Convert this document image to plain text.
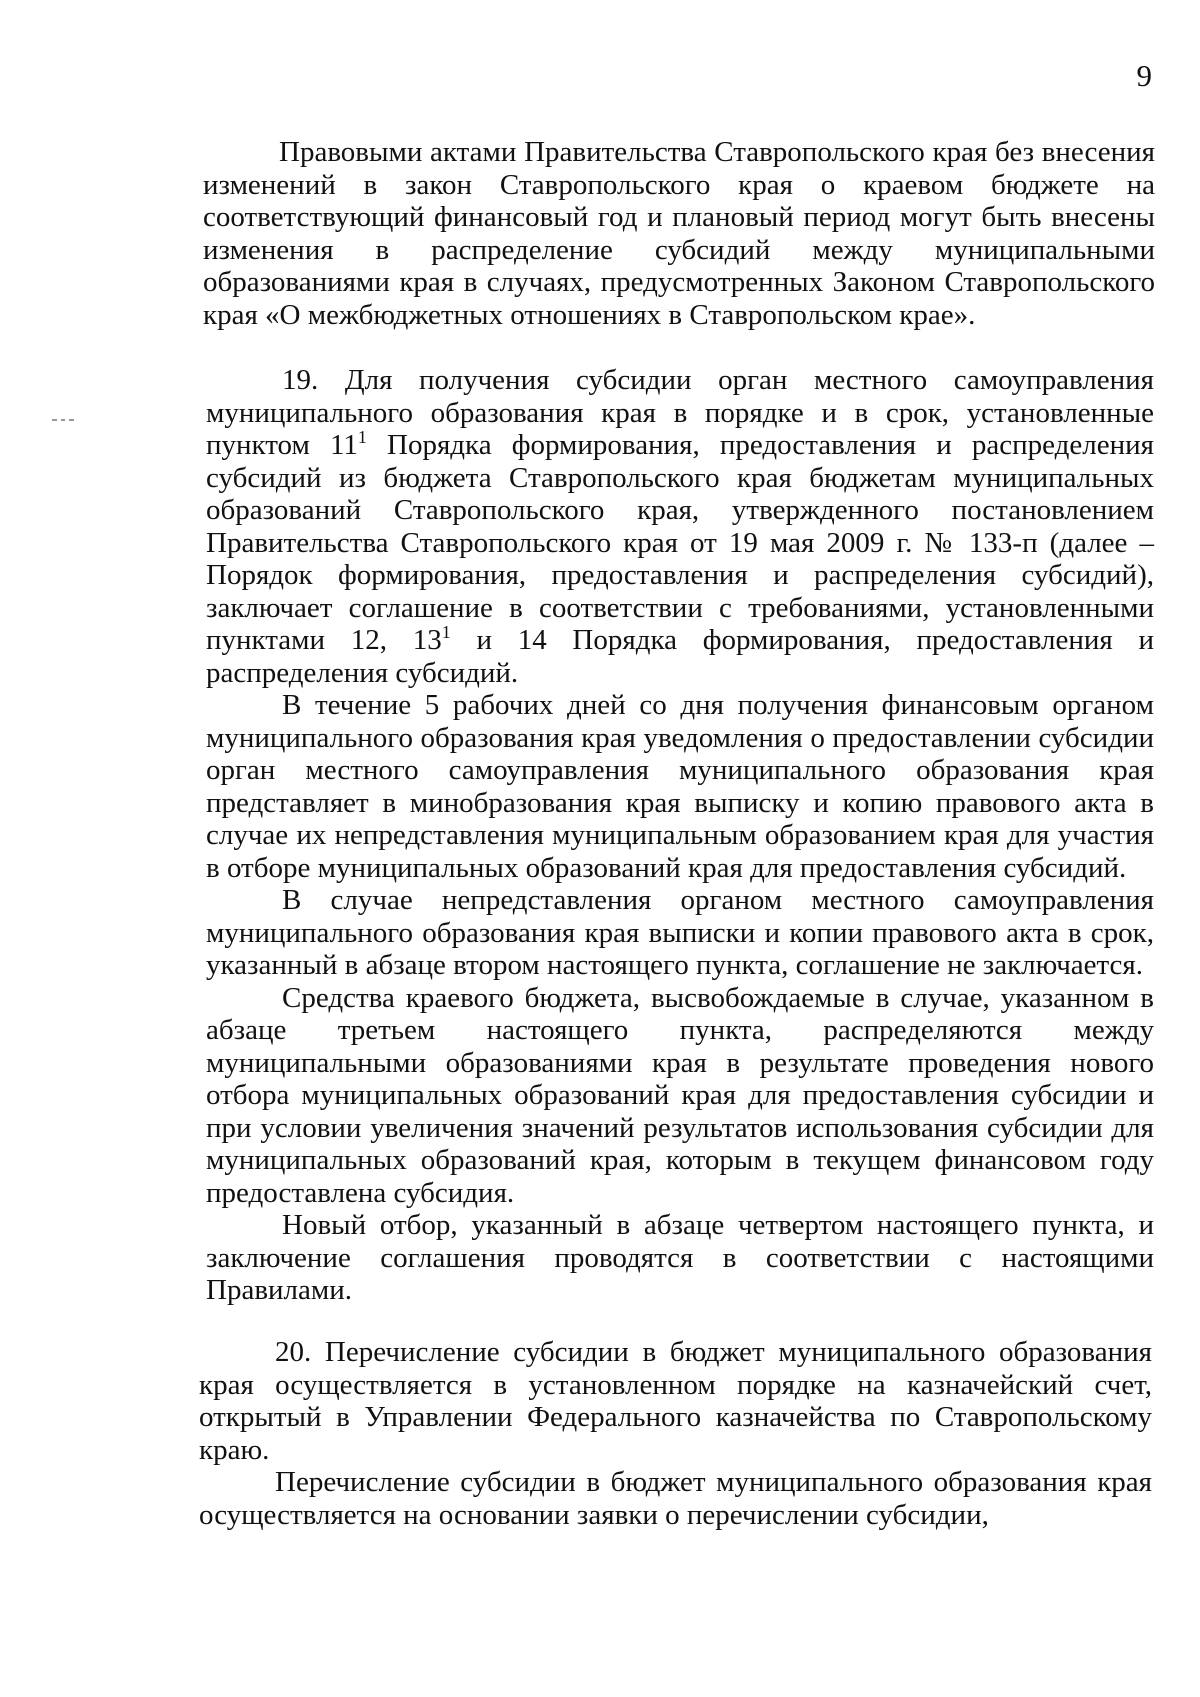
9

Правовыми актами Правительства Ставропольского края без внесения изменений в закон Ставропольского края о краевом бюджете на соответствующий финансовый год и плановый период могут быть внесены изменения в распределение субсидий между муниципальными образованиями края в случаях, предусмотренных Законом Ставропольского края «О межбюджетных отношениях в Ставропольском крае».

19. Для получения субсидии орган местного самоуправления муниципального образования края в порядке и в срок, установленные пунктом $11^1$ Порядка формирования, предоставления и распределения субсидий из бюджета Ставропольского края бюджетам муниципальных образований Ставропольского края, утвержденного постановлением Правительства Ставропольского края от 19 мая 2009 г. № 133-п (далее – Порядок формирования, предоставления и распределения субсидий), заключает соглашение в соответствии с требованиями, установленными пунктами 12, $13^1$ и 14 Порядка формирования, предоставления и распределения субсидий.

В течение 5 рабочих дней со дня получения финансовым органом муниципального образования края уведомления о предоставлении субсидии орган местного самоуправления муниципального образования края представляет в минобразования края выписку и копию правового акта в случае их непредставления муниципальным образованием края для участия в отборе муниципальных образований края для предоставления субсидий.

В случае непредставления органом местного самоуправления муниципального образования края выписки и копии правового акта в срок, указанный в абзаце втором настоящего пункта, соглашение не заключается.

Средства краевого бюджета, высвобождаемые в случае, указанном в абзаце третьем настоящего пункта, распределяются между муниципальными образованиями края в результате проведения нового отбора муниципальных образований края для предоставления субсидии и при условии увеличения значений результатов использования субсидии для муниципальных образований края, которым в текущем финансовом году предоставлена субсидия.

Новый отбор, указанный в абзаце четвертом настоящего пункта, и заключение соглашения проводятся в соответствии с настоящими Правилами.

20. Перечисление субсидии в бюджет муниципального образования края осуществляется в установленном порядке на казначейский счет, открытый в Управлении Федерального казначейства по Ставропольскому краю.

Перечисление субсидии в бюджет муниципального образования края осуществляется на основании заявки о перечислении субсидии,
